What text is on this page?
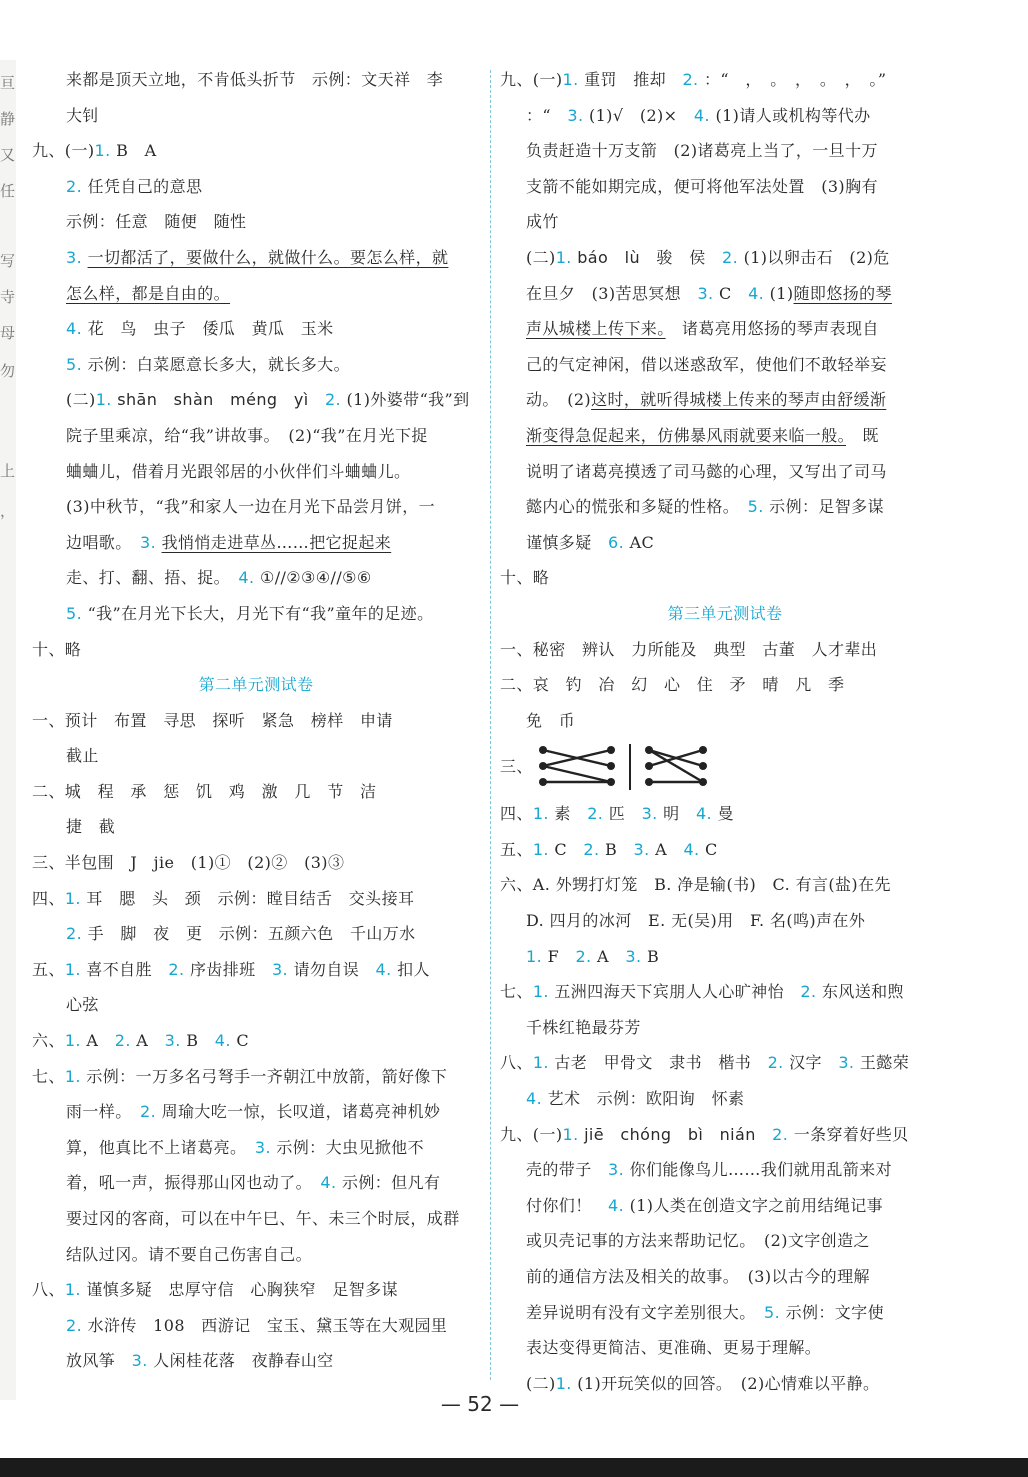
亘
静
又
任
写
寺
母
勿
上
，
来都是顶天立地，不肯低头折节　示例：文天祥　李
大钊
九、(一)1. B　A
2. 任凭自己的意思
示例：任意　随便　随性
3. 一切都活了，要做什么，就做什么。要怎么样，就
怎么样，都是自由的。
4. 花　鸟　虫子　倭瓜　黄瓜　玉米
5. 示例：白菜愿意长多大，就长多大。
(二)1. shān　shàn　méng　yì　2. (1)外婆带“我”到
院子里乘凉，给“我”讲故事。　(2)“我”在月光下捉
蛐蛐儿，借着月光跟邻居的小伙伴们斗蛐蛐儿。
(3)中秋节，“我”和家人一边在月光下品尝月饼，一
边唱歌。　3. 我悄悄走进草丛……把它捉起来
走、打、翻、捂、捉。　4. ①//②③④//⑤⑥
5. “我”在月光下长大，月光下有“我”童年的足迹。
十、略
第二单元测试卷
一、预计　布置　寻思　探听　紧急　榜样　申请
截止
二、城　程　承　惩　饥　鸡　激　几　节　洁
捷　截
三、半包围　J　jie　(1)①　(2)②　(3)③
四、1. 耳　腮　头　颈　示例：瞠目结舌　交头接耳
2. 手　脚　夜　更　示例：五颜六色　千山万水
五、1. 喜不自胜　2. 序齿排班　3. 请勿自误　4. 扣人
心弦
六、1. A　2. A　3. B　4. C
七、1. 示例：一万多名弓弩手一齐朝江中放箭，箭好像下
雨一样。　2. 周瑜大吃一惊，长叹道，诸葛亮神机妙
算，他真比不上诸葛亮。　3. 示例：大虫见掀他不
着，吼一声，振得那山冈也动了。　4. 示例：但凡有
要过冈的客商，可以在中午巳、午、未三个时辰，成群
结队过冈。请不要自己伤害自己。
八、1. 谨慎多疑　忠厚守信　心胸狭窄　足智多谋
2. 水浒传　108　西游记　宝玉、黛玉等在大观园里
放风筝　3. 人闲桂花落　夜静春山空
九、(一)1. 重罚　推却　2. ：“　，　。　，　。　，　。”
：“　3. (1)√　(2)×　4. (1)请人或机构等代办
负责赶造十万支箭　(2)诸葛亮上当了，一旦十万
支箭不能如期完成，便可将他军法处置　(3)胸有
成竹
(二)1. báo　lù　骏　侯　2. (1)以卵击石　(2)危
在旦夕　(3)苦思冥想　3. C　4. (1)随即悠扬的琴
声从城楼上传下来。　诸葛亮用悠扬的琴声表现自
己的气定神闲，借以迷惑敌军，使他们不敢轻举妄
动。　(2)这时，就听得城楼上传来的琴声由舒缓渐
渐变得急促起来，仿佛暴风雨就要来临一般。　既
说明了诸葛亮摸透了司马懿的心理，又写出了司马
懿内心的慌张和多疑的性格。　5. 示例：足智多谋
谨慎多疑　6. AC
十、略
第三单元测试卷
一、秘密　辨认　力所能及　典型　古董　人才辈出
二、哀　钓　冶　幻　心　住　矛　晴　凡　季
免　币
三、
四、1. 素　2. 匹　3. 明　4. 曼
五、1. C　2. B　3. A　4. C
六、A. 外甥打灯笼　B. 净是输(书)　C. 有言(盐)在先
D. 四月的冰河　E. 无(吴)用　F. 名(鸣)声在外
1. F　2. A　3. B
七、1. 五洲四海天下宾朋人人心旷神怡　2. 东风送和煦
千株红艳最芬芳
八、1. 古老　甲骨文　隶书　楷书　2. 汉字　3. 王懿荣
4. 艺术　示例：欧阳询　怀素
九、(一)1. jiē　chóng　bì　nián　2. 一条穿着好些贝
壳的带子　3. 你们能像鸟儿……我们就用乱箭来对
付你们！　4. (1)人类在创造文字之前用结绳记事
或贝壳记事的方法来帮助记忆。　(2)文字创造之
前的通信方法及相关的故事。　(3)以古今的理解
差异说明有没有文字差别很大。　5. 示例：文字使
表达变得更简洁、更准确、更易于理解。
(二)1. (1)开玩笑似的回答。　(2)心情难以平静。
— 52 —
